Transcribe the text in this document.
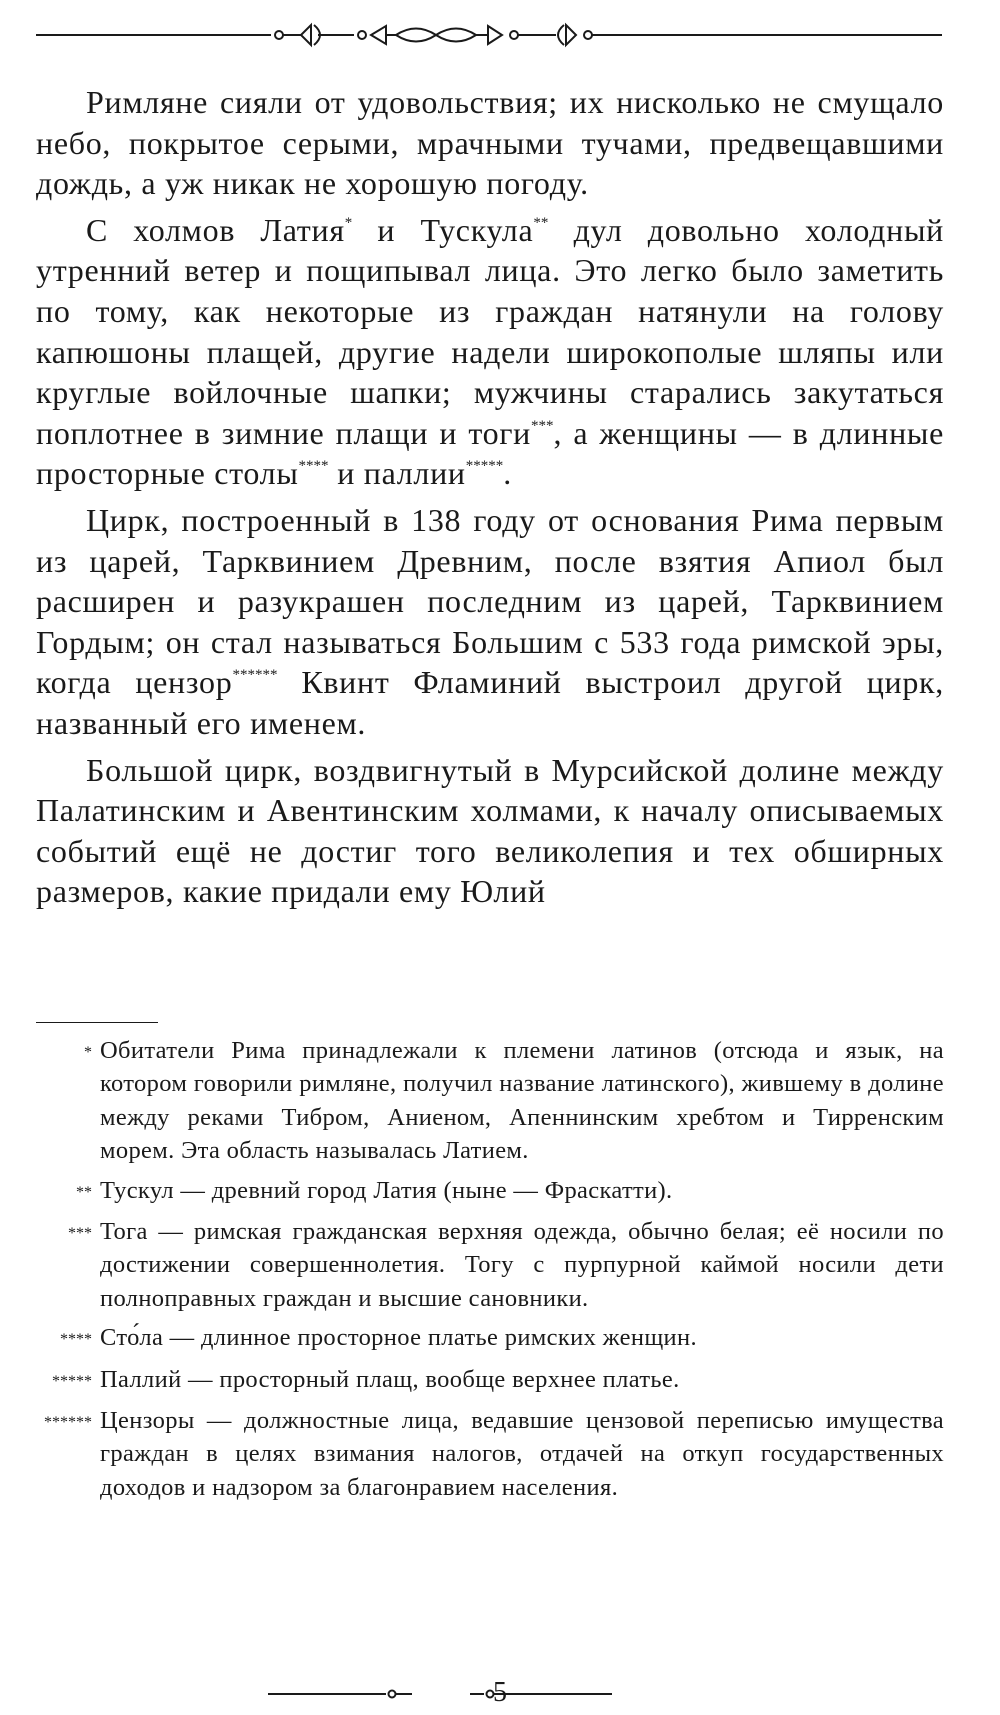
Римляне сияли от удовольствия; их нисколько не смущало небо, покрытое серыми, мрачными тучами, предвещавшими дождь, а уж никак не хорошую погоду.

С холмов Латия* и Тускула** дул довольно холодный утренний ветер и пощипывал лица. Это легко было заметить по тому, как некоторые из граждан натянули на голову капюшоны плащей, другие надели широкополые шляпы или круглые войлочные шапки; мужчины старались закутаться поплотнее в зимние плащи и тоги***, а женщины — в длинные просторные столы**** и паллии*****.

Цирк, построенный в 138 году от основания Рима первым из царей, Тарквинием Древним, после взятия Апиол был расширен и разукрашен последним из царей, Тарквинием Гордым; он стал называться Большим с 533 года римской эры, когда цензор****** Квинт Фламиний выстроил другой цирк, названный его именем.

Большой цирк, воздвигнутый в Мурсийской долине между Палатинским и Авентинским холмами, к началу описываемых событий ещё не достиг того великолепия и тех обширных размеров, какие придали ему Юлий

* Обитатели Рима принадлежали к племени латинов (отсюда и язык, на котором говорили римляне, получил название латинского), жившему в долине между реками Тибром, Аниеном, Апеннинским хребтом и Тирренским морем. Эта область называлась Латием.
** Тускул — древний город Латия (ныне — Фраскатти).
*** Тога — римская гражданская верхняя одежда, обычно белая; её носили по достижении совершеннолетия. Тогу с пурпурной каймой носили дети полноправных граждан и высшие сановники.
**** Сто́ла — длинное просторное платье римских женщин.
***** Паллий — просторный плащ, вообще верхнее платье.
****** Цензоры — должностные лица, ведавшие цензовой переписью имущества граждан в целях взимания налогов, отдачей на откуп государственных доходов и надзором за благонравием населения.
5
